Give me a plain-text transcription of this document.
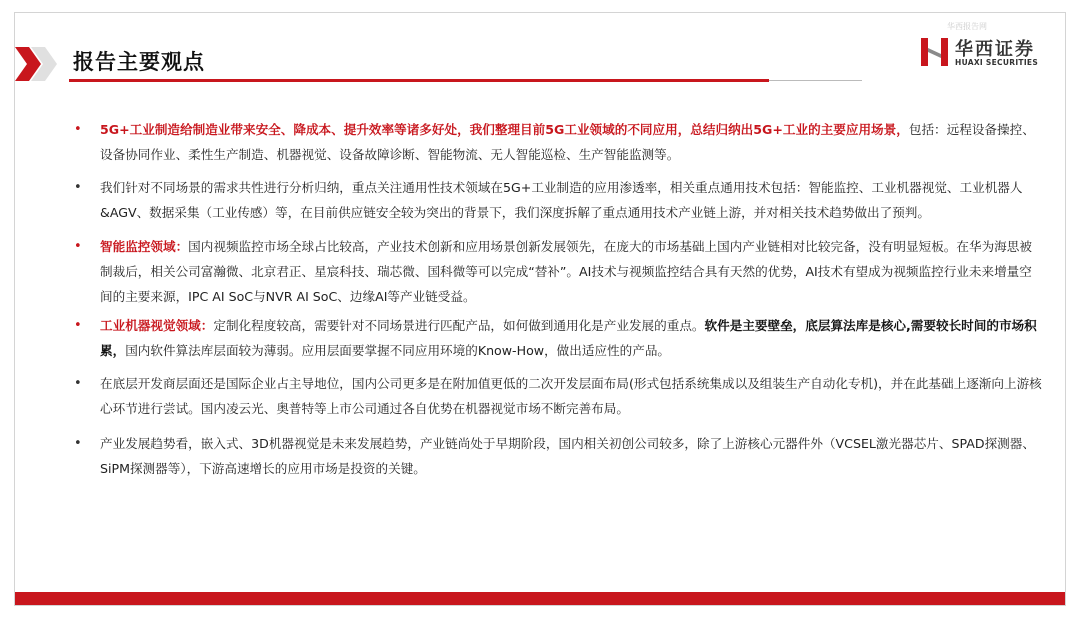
报告主要观点
华西报告网
华西证券
HUAXI SECURITIES
• 5G+工业制造给制造业带来安全、降成本、提升效率等诸多好处，我们整理目前5G工业领域的不同应用，总结归纳出5G+工业的主要应用场景，包括：远程设备操控、设备协同作业、柔性生产制造、机器视觉、设备故障诊断、智能物流、无人智能巡检、生产智能监测等。
• 我们针对不同场景的需求共性进行分析归纳，重点关注通用性技术领域在5G+工业制造的应用渗透率，相关重点通用技术包括：智能监控、工业机器视觉、工业机器人&AGV、数据采集（工业传感）等，在目前供应链安全较为突出的背景下，我们深度拆解了重点通用技术产业链上游，并对相关技术趋势做出了预判。
• 智能监控领域：国内视频监控市场全球占比较高，产业技术创新和应用场景创新发展领先，在庞大的市场基础上国内产业链相对比较完备，没有明显短板。在华为海思被制裁后，相关公司富瀚微、北京君正、星宸科技、瑞芯微、国科微等可以完成“替补”。AI技术与视频监控结合具有天然的优势，AI技术有望成为视频监控行业未来增量空间的主要来源，IPC AI SoC与NVR AI SoC、边缘AI等产业链受益。
• 工业机器视觉领域：定制化程度较高，需要针对不同场景进行匹配产品，如何做到通用化是产业发展的重点。软件是主要壁垒，底层算法库是核心,需要较长时间的市场积累，国内软件算法库层面较为薄弱。应用层面要掌握不同应用环境的Know-How，做出适应性的产品。
• 在底层开发商层面还是国际企业占主导地位，国内公司更多是在附加值更低的二次开发层面布局(形式包括系统集成以及组装生产自动化专机)，并在此基础上逐渐向上游核心环节进行尝试。国内凌云光、奥普特等上市公司通过各自优势在机器视觉市场不断完善布局。
• 产业发展趋势看，嵌入式、3D机器视觉是未来发展趋势，产业链尚处于早期阶段，国内相关初创公司较多，除了上游核心元器件外（VCSEL激光器芯片、SPAD探测器、SiPM探测器等），下游高速增长的应用市场是投资的关键。
